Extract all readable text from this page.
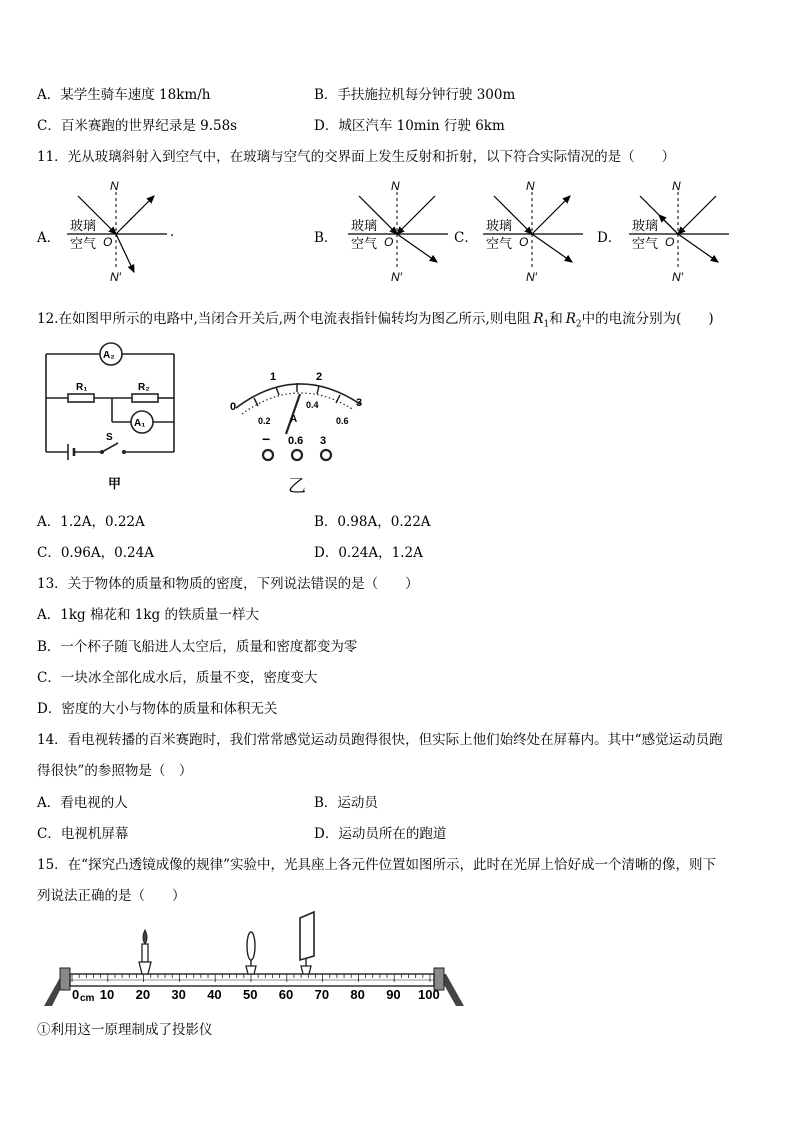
A．某学生骑车速度 18km/h	B．手扶施拉机每分钟行驶 300m
C．百米赛跑的世界纪录是 9.58s	D．城区汽车 10min 行驶 6km
11．光从玻璃斜射入到空气中，在玻璃与空气的交界面上发生反射和折射，以下符合实际情况的是（　　）
A．	.	B．	C．	D．
N
N′
O
玻璃
空气
N
N′
O
玻璃
空气
N
N′
O
玻璃
空气
N
N′
O
玻璃
空气
12.在如图甲所示的电路中,当闭合开关后,两个电流表指针偏转均为图乙所示,则电阻 $R_1$和 $R_2$中的电流分别为(　　)
A₂
A₁
R₁	R₂
S
甲
0
1	2
3
0.2
0.4
0.6
A
− 0.6 3
乙
A．1.2A，0.22A	B．0.98A，0.22A
C．0.96A，0.24A	D．0.24A，1.2A
13．关于物体的质量和物质的密度，下列说法错误的是（　　）
A．1kg 棉花和 1kg 的铁质量一样大
B．一个杯子随飞船进人太空后，质量和密度都变为零
C．一块冰全部化成水后，质量不变，密度变大
D．密度的大小与物体的质量和体积无关
14．看电视转播的百米赛跑时，我们常常感觉运动员跑得很快，但实际上他们始终处在屏幕内。其中“感觉运动员跑
得很快”的参照物是（　）
A．看电视的人	B．运动员
C．电视机屏幕	D．运动员所在的跑道
15．在“探究凸透镜成像的规律”实验中，光具座上各元件位置如图所示，此时在光屏上恰好成一个清晰的像，则下
列说法正确的是（　　）
0 cm 10 20 30 40 50 60 70 80 90 100
①利用这一原理制成了投影仪
